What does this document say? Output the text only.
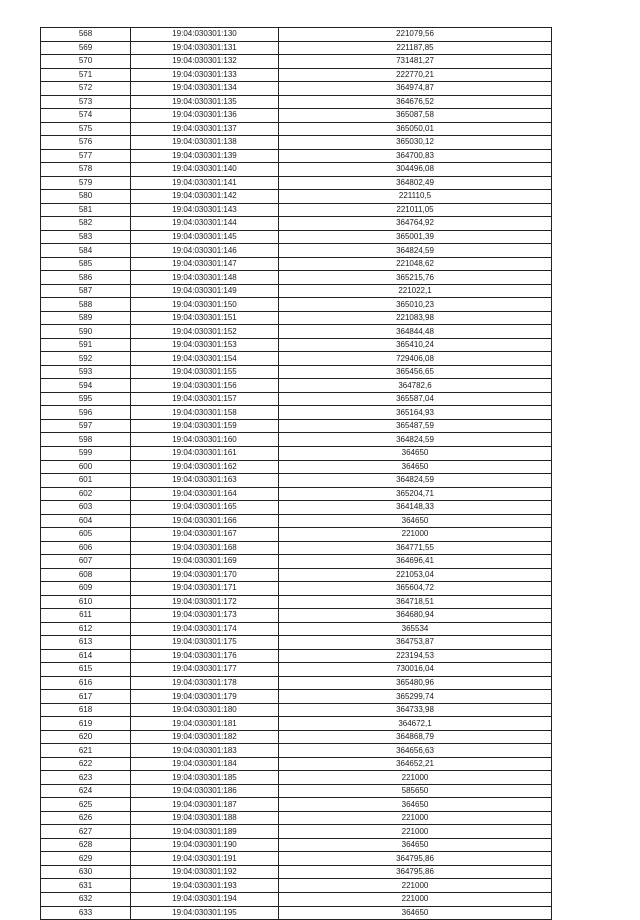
568	19:04:030301:130	221079,56
569	19:04:030301:131	221187,85
570	19:04:030301:132	731481,27
571	19:04:030301:133	222770,21
572	19:04:030301:134	364974,87
573	19:04:030301:135	364676,52
574	19:04:030301:136	365087,58
575	19:04:030301:137	365050,01
576	19:04:030301:138	365030,12
577	19:04:030301:139	364700,83
578	19:04:030301:140	304496,08
579	19:04:030301:141	364802,49
580	19:04:030301:142	221110,5
581	19:04:030301:143	221011,05
582	19:04:030301:144	364764,92
583	19:04:030301:145	365001,39
584	19:04:030301:146	364824,59
585	19:04:030301:147	221048,62
586	19:04:030301:148	365215,76
587	19:04:030301:149	221022,1
588	19:04:030301:150	365010,23
589	19:04:030301:151	221083,98
590	19:04:030301:152	364844,48
591	19:04:030301:153	365410,24
592	19:04:030301:154	729406,08
593	19:04:030301:155	365456,65
594	19:04:030301:156	364782,6
595	19:04:030301:157	365587,04
596	19:04:030301:158	365164,93
597	19:04:030301:159	365487,59
598	19:04:030301:160	364824,59
599	19:04:030301:161	364650
600	19:04:030301:162	364650
601	19:04:030301:163	364824,59
602	19:04:030301:164	365204,71
603	19:04:030301:165	364148,33
604	19:04:030301:166	364650
605	19:04:030301:167	221000
606	19:04:030301:168	364771,55
607	19:04:030301:169	364696,41
608	19:04:030301:170	221053,04
609	19:04:030301:171	365604,72
610	19:04:030301:172	364718,51
611	19:04:030301:173	364680,94
612	19:04:030301:174	365534
613	19:04:030301:175	364753,87
614	19:04:030301:176	223194,53
615	19:04:030301:177	730016,04
616	19:04:030301:178	365480,96
617	19:04:030301:179	365299,74
618	19:04:030301:180	364733,98
619	19:04:030301:181	364672,1
620	19:04:030301:182	364868,79
621	19:04:030301:183	364656,63
622	19:04:030301:184	364652,21
623	19:04:030301:185	221000
624	19:04:030301:186	585650
625	19:04:030301:187	364650
626	19:04:030301:188	221000
627	19:04:030301:189	221000
628	19:04:030301:190	364650
629	19:04:030301:191	364795,86
630	19:04:030301:192	364795,86
631	19:04:030301:193	221000
632	19:04:030301:194	221000
633	19:04:030301:195	364650
